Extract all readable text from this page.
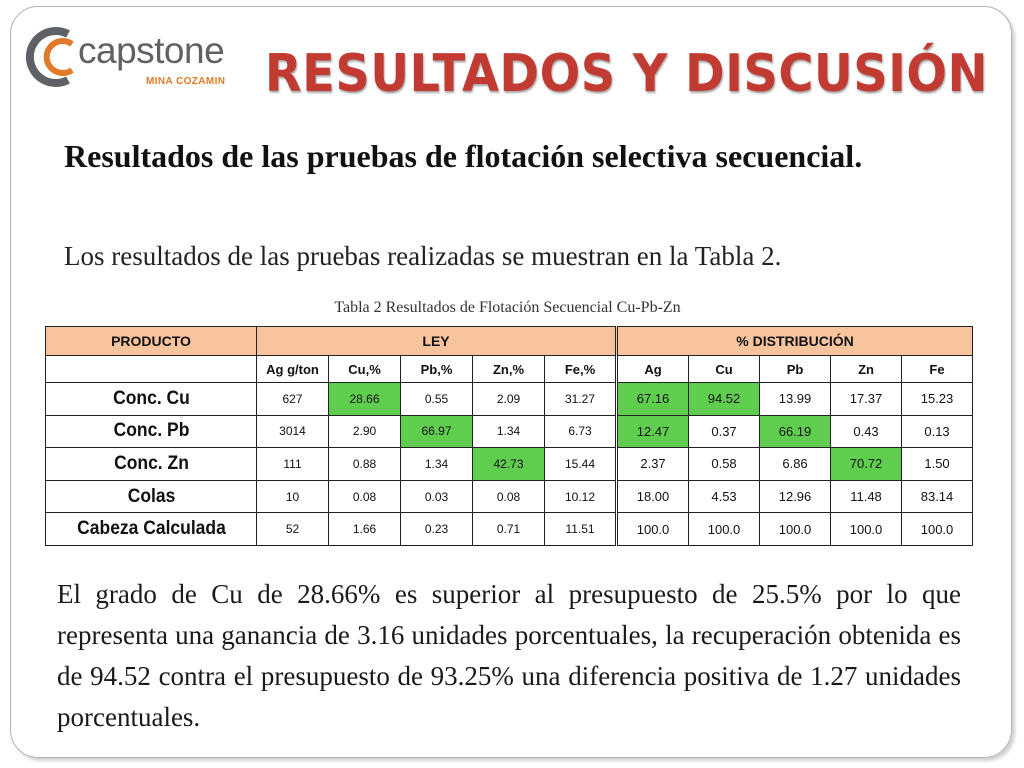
capstone
MINA COZAMIN RESULTADOS Y DISCUSIÓN
Resultados de las pruebas de flotación selectiva secuencial.
Los resultados de las pruebas realizadas se muestran en la Tabla 2.
Tabla 2 Resultados de Flotación Secuencial Cu-Pb-Zn
PRODUCTO	LEY					% DISTRIBUCIÓN				
	Ag g/ton	Cu,%	Pb,%	Zn,%	Fe,%	Ag	Cu	Pb	Zn	Fe
Conc. Cu	627	28.66	0.55	2.09	31.27	67.16	94.52	13.99	17.37	15.23
Conc. Pb	3014	2.90	66.97	1.34	6.73	12.47	0.37	66.19	0.43	0.13
Conc. Zn	111	0.88	1.34	42.73	15.44	2.37	0.58	6.86	70.72	1.50
Colas	10	0.08	0.03	0.08	10.12	18.00	4.53	12.96	11.48	83.14
Cabeza Calculada	52	1.66	0.23	0.71	11.51	100.0	100.0	100.0	100.0	100.0
El grado de Cu de 28.66% es superior al presupuesto de 25.5% por lo que representa una ganancia de 3.16 unidades porcentuales, la recuperación obtenida es de 94.52 contra el presupuesto de 93.25% una diferencia positiva de 1.27 unidades porcentuales.
